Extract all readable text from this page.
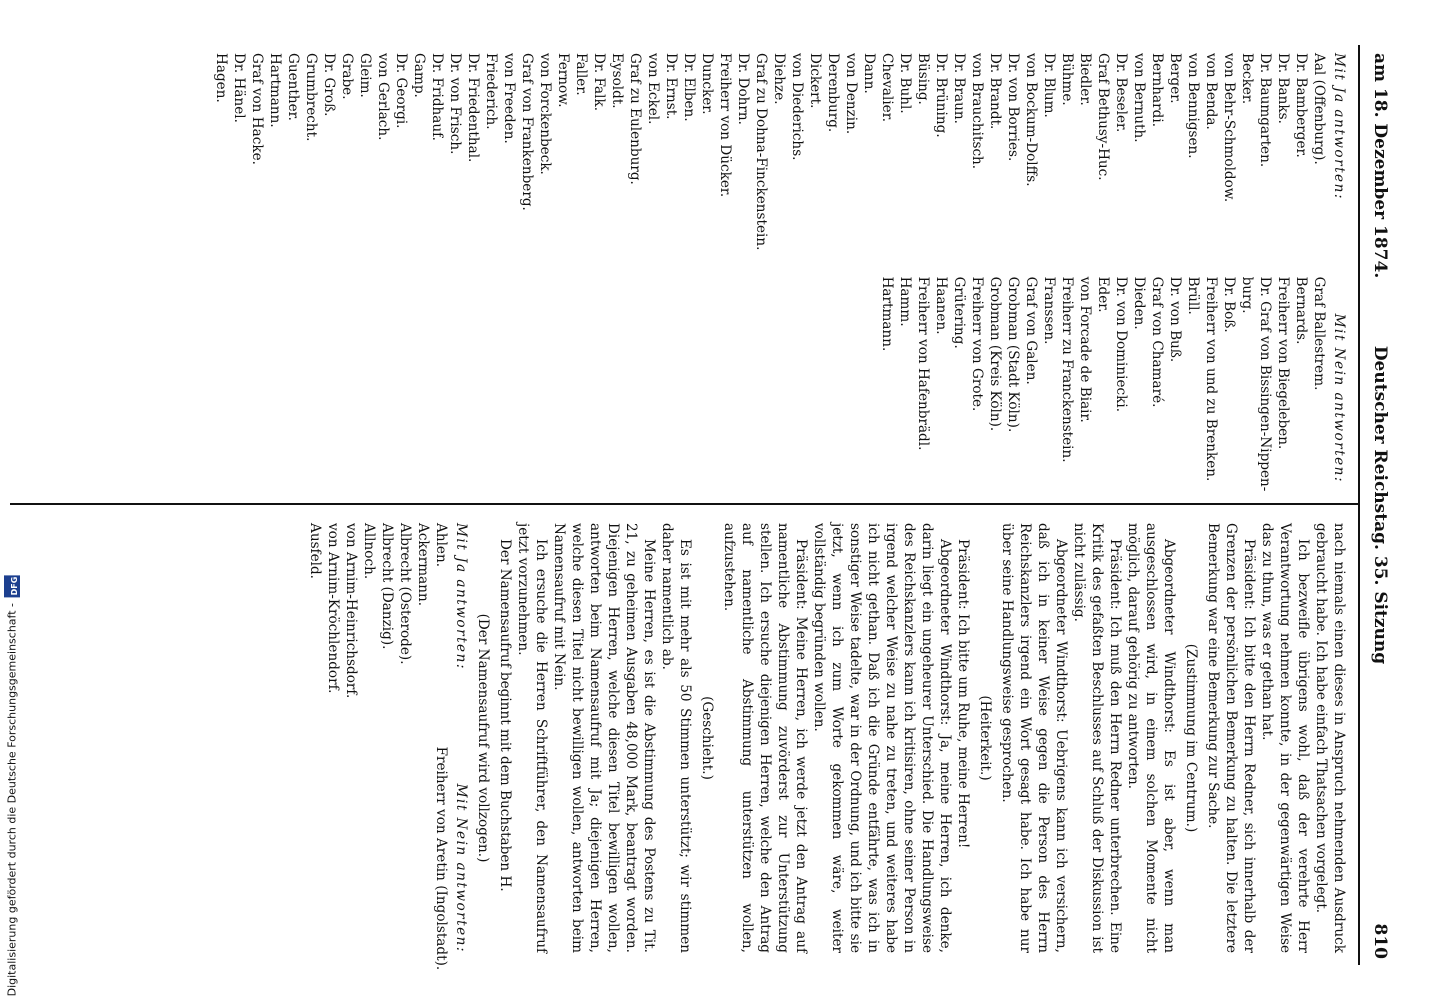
am 18. Dezember 1874.
Deutscher Reichstag. 35. Sitzung
810
Mit Ja antworten:
Mit Nein antworten:
Aal (Offenburg).
Dr. Bamberger.
Dr. Banks.
Dr. Baumgarten.
Becker.
von Behr-Schmoldow.
von Benda.
von Bennigsen.
Berger.
Bernhardi.
von Bernuth.
Dr. Beseler.
Graf Bethusy-Huc.
Biedler.
Bühme.
Dr. Blum.
von Bockum-Dolffs.
Dr. von Borries.
Dr. Brandt.
von Brauchitsch.
Dr. Braun.
Dr. Brüning.
Büsing.
Dr. Buhl.
Chevalier.
Dann.
von Denzin.
Derenburg.
Dickert.
von Diederichs.
Diehze.
Graf zu Dohna-Finckenstein.
Dr. Dohrn.
Freiherr von Dücker.
Duncker.
Dr. Elben.
Dr. Ernst.
von Eckel.
Graf zu Eulenburg.
Eysoldt.
Dr. Falk.
Faller.
Fernow.
von Forckenbeck.
Graf von Frankenberg.
von Freeden.
Friederich.
Dr. Friedenthal.
Dr. von Frisch.
Dr. Fridhauf.
Gamp.
Dr. Georgi.
von Gerlach.
Gleim.
Grabe.
Dr. Groß.
Grumbrecht.
Guenther.
Hartmann.
Graf von Hacke.
Dr. Hänel.
Hagen.
Graf Ballestrem.
Bernards.
Freiherr von Biegeleben.
Dr. Graf von Bissingen-Nippen-
burg.
Dr. Boß.
Freiherr von und zu Brenken.
Brüll.
Dr. von Buß.
Graf von Chamaré.
Dieden.
Dr. von Dominiecki.
Eder.
von Forcade de Biair.
Freiherr zu Franckenstein.
Franssen.
Graf von Galen.
Grobman (Stadt Köln).
Grobman (Kreis Köln).
Freiherr von Grote.
Grütering.
Haanen.
Freiherr von Hafenbrädl.
Hamm.
Hartmann.

nach niemals einen dieses in Anspruch nehmenden Ausdruck gebraucht habe. Ich habe einfach Thatsachen vorgelegt.

Ich bezweifle übrigens wohl, daß der verehrte Herr Verantwortung nehmen konnte, in der gegenwärtigen Weise das zu thun, was er gethan hat.

Präsident: Ich bitte den Herrn Redner, sich innerhalb der Grenzen der persönlichen Bemerkung zu halten. Die letztere Bemerkung war eine Bemerkung zur Sache.

(Zustimmung im Centrum.)

Abgeordneter Windthorst: Es ist aber, wenn man ausgeschlossen wird, in einem solchen Momente nicht möglich, darauf gehörig zu antworten.

Präsident: Ich muß den Herrn Redner unterbrechen. Eine Kritik des gefaßten Beschlusses auf Schluß der Diskussion ist nicht zulässig.

Abgeordneter Windthorst: Uebrigens kann ich versichern, daß ich in keiner Weise gegen die Person des Herrn Reichskanzlers irgend ein Wort gesagt habe. Ich habe nur über seine Handlungsweise gesprochen.

(Heiterkeit.)

Präsident: Ich bitte um Ruhe, meine Herren!

Abgeordneter Windthorst: Ja, meine Herren, ich denke, darin liegt ein ungeheurer Unterschied. Die Handlungsweise des Reichskanzlers kann ich kritisiren, ohne seiner Person in irgend welcher Weise zu nahe zu treten, und weiteres habe ich nicht gethan. Daß ich die Gründe entfährte, was ich in sonstiger Weise tadelte, war in der Ordnung, und ich bitte sie jetzt, wenn ich zum Worte gekommen wäre, weiter vollständig begründen wollen.

Präsident: Meine Herren, ich werde jetzt den Antrag auf namentliche Abstimmung zuvörderst zur Unterstützung stellen. Ich ersuche diejenigen Herren, welche den Antrag auf namentliche Abstimmung unterstützen wollen, aufzustehen.

(Geschieht.)

Es ist mit mehr als 50 Stimmen unterstützt; wir stimmen daher namentlich ab.

Meine Herren, es ist die Abstimmung des Postens zu Tit. 21, zu geheimen Ausgaben 48,000 Mark, beantragt worden. Diejenigen Herren, welche diesen Titel bewilligen wollen, antworten beim Namensaufruf mit Ja; diejenigen Herren, welche diesen Titel nicht bewilligen wollen, antworten beim Namensaufruf mit Nein.

Ich ersuche die Herren Schriftführer, den Namensaufruf jetzt vorzunehmen.

Der Namensaufruf beginnt mit dem Buchstaben H.

(Der Namensaufruf wird vollzogen.)
Mit Ja antworten:
Mit Nein antworten:
Ahlen.
Ackermann.
Albrecht (Osterode).
Albrecht (Danzig).
Allnoch.
von Arnim-Heinrichsdorf.
von Arnim-Kröchlendorf.
Ausfeld.
Freiherr von Aretin (Ingolstadt).
Digitalisierung gefördert durch die Deutsche Forschungsgemeinschaft -
DFG
